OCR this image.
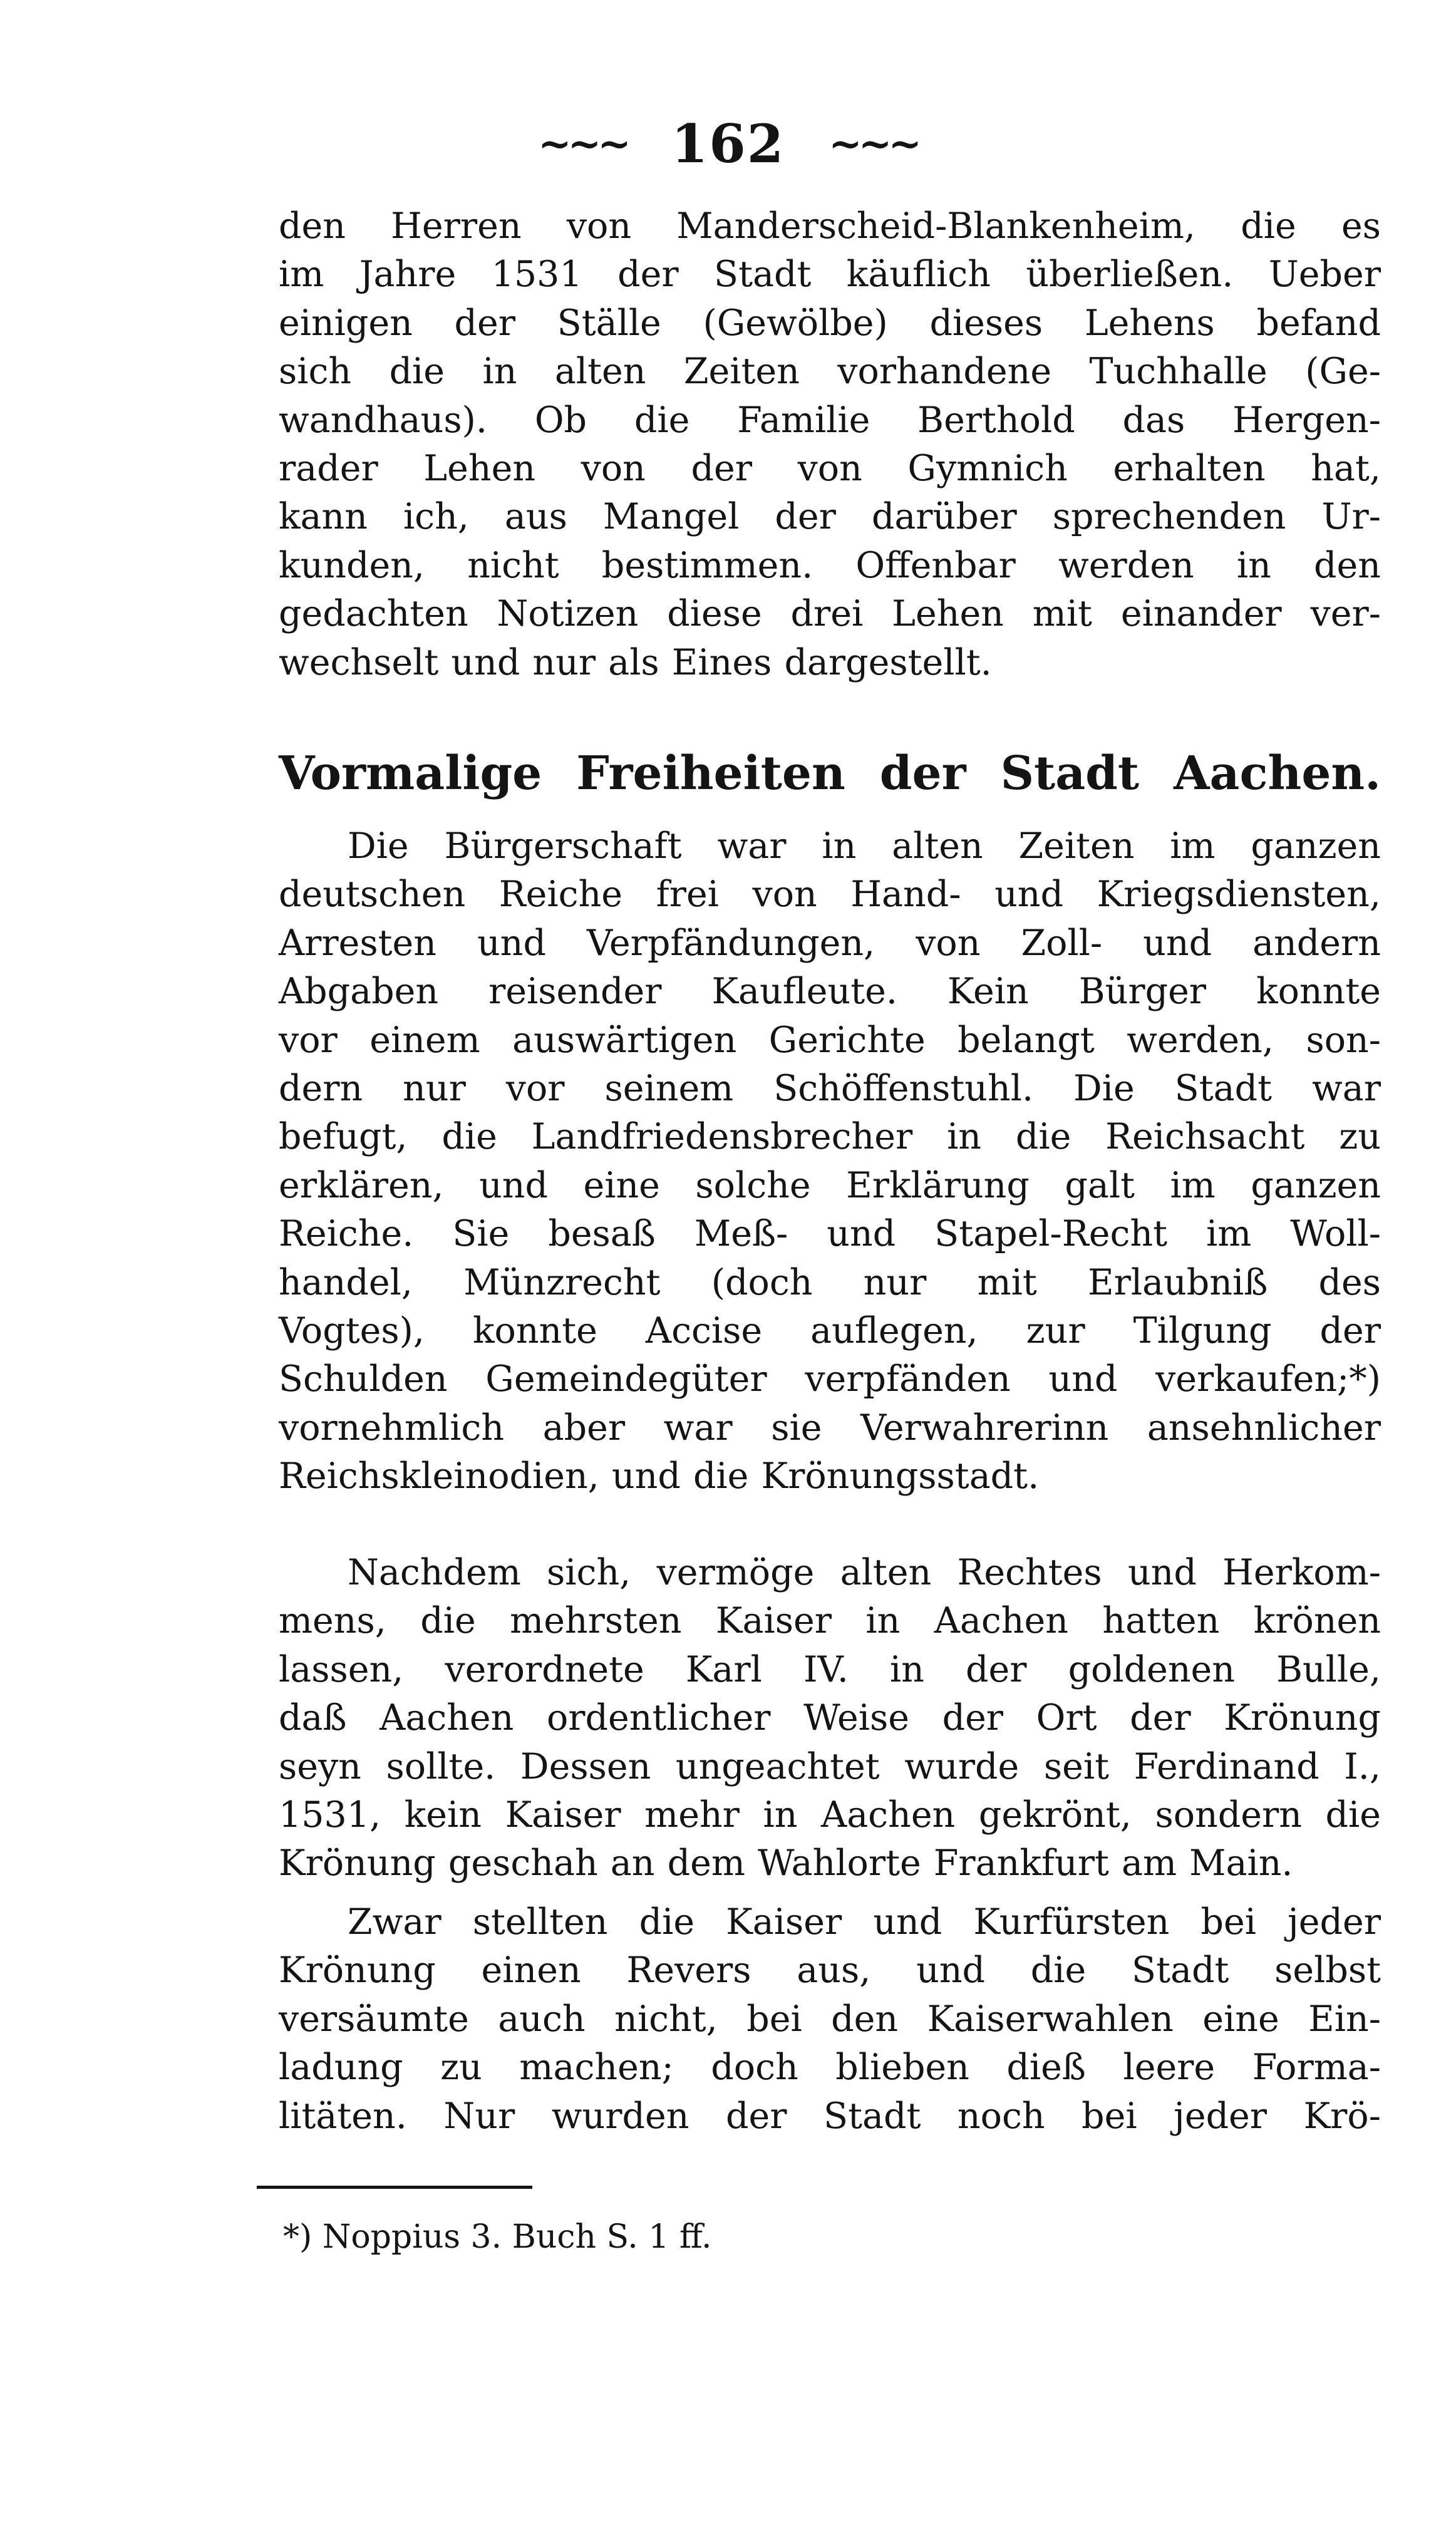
~~~ 162 ~~~
den Herren von Manderscheid-Blankenheim, die es
im Jahre 1531 der Stadt käuflich überließen. Ueber
einigen der Ställe (Gewölbe) dieses Lehens befand
sich die in alten Zeiten vorhandene Tuchhalle (Ge-
wandhaus). Ob die Familie Berthold das Hergen-
rader Lehen von der von Gymnich erhalten hat,
kann ich, aus Mangel der darüber sprechenden Ur-
kunden, nicht bestimmen. Offenbar werden in den
gedachten Notizen diese drei Lehen mit einander ver-
wechselt und nur als Eines dargestellt.
Vormalige Freiheiten der Stadt Aachen.
Die Bürgerschaft war in alten Zeiten im ganzen
deutschen Reiche frei von Hand- und Kriegsdiensten,
Arresten und Verpfändungen, von Zoll- und andern
Abgaben reisender Kaufleute. Kein Bürger konnte
vor einem auswärtigen Gerichte belangt werden, son-
dern nur vor seinem Schöffenstuhl. Die Stadt war
befugt, die Landfriedensbrecher in die Reichsacht zu
erklären, und eine solche Erklärung galt im ganzen
Reiche. Sie besaß Meß- und Stapel-Recht im Woll-
handel, Münzrecht (doch nur mit Erlaubniß des
Vogtes), konnte Accise auflegen, zur Tilgung der
Schulden Gemeindegüter verpfänden und verkaufen;*)
vornehmlich aber war sie Verwahrerinn ansehnlicher
Reichskleinodien, und die Krönungsstadt.
Nachdem sich, vermöge alten Rechtes und Herkom-
mens, die mehrsten Kaiser in Aachen hatten krönen
lassen, verordnete Karl IV. in der goldenen Bulle,
daß Aachen ordentlicher Weise der Ort der Krönung
seyn sollte. Dessen ungeachtet wurde seit Ferdinand I.,
1531, kein Kaiser mehr in Aachen gekrönt, sondern die
Krönung geschah an dem Wahlorte Frankfurt am Main.
Zwar stellten die Kaiser und Kurfürsten bei jeder
Krönung einen Revers aus, und die Stadt selbst
versäumte auch nicht, bei den Kaiserwahlen eine Ein-
ladung zu machen; doch blieben dieß leere Forma-
litäten. Nur wurden der Stadt noch bei jeder Krö-
*) Noppius 3. Buch S. 1 ff.
